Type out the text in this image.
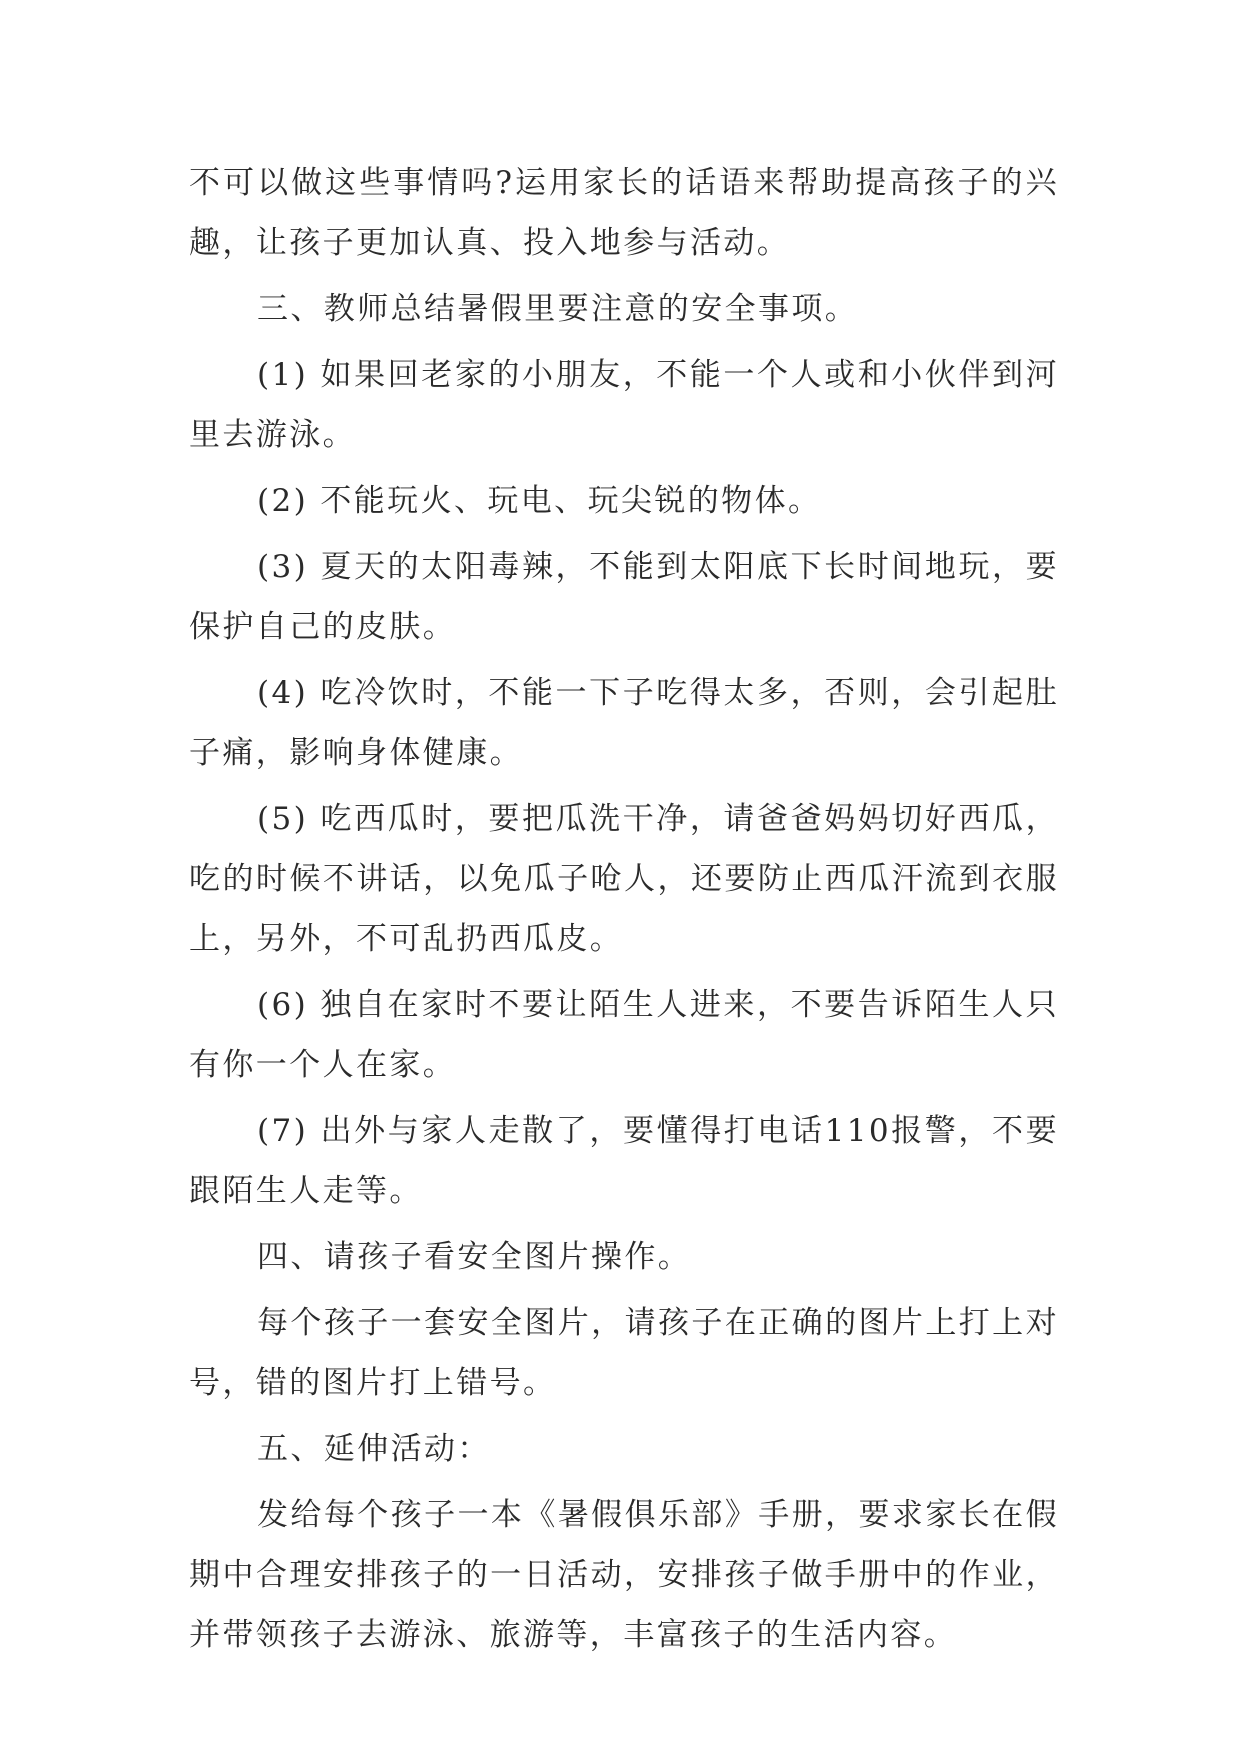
不可以做这些事情吗?运用家长的话语来帮助提高孩子的兴趣，让孩子更加认真、投入地参与活动。

三、教师总结暑假里要注意的安全事项。

(1) 如果回老家的小朋友，不能一个人或和小伙伴到河里去游泳。

(2) 不能玩火、玩电、玩尖锐的物体。

(3) 夏天的太阳毒辣，不能到太阳底下长时间地玩，要保护自己的皮肤。

(4) 吃冷饮时，不能一下子吃得太多，否则，会引起肚子痛，影响身体健康。

(5) 吃西瓜时，要把瓜洗干净，请爸爸妈妈切好西瓜，吃的时候不讲话，以免瓜子呛人，还要防止西瓜汗流到衣服上，另外，不可乱扔西瓜皮。

(6) 独自在家时不要让陌生人进来，不要告诉陌生人只有你一个人在家。

(7) 出外与家人走散了，要懂得打电话110报警，不要跟陌生人走等。

四、请孩子看安全图片操作。

每个孩子一套安全图片，请孩子在正确的图片上打上对号，错的图片打上错号。

五、延伸活动：

发给每个孩子一本《暑假俱乐部》手册，要求家长在假期中合理安排孩子的一日活动，安排孩子做手册中的作业，并带领孩子去游泳、旅游等，丰富孩子的生活内容。
